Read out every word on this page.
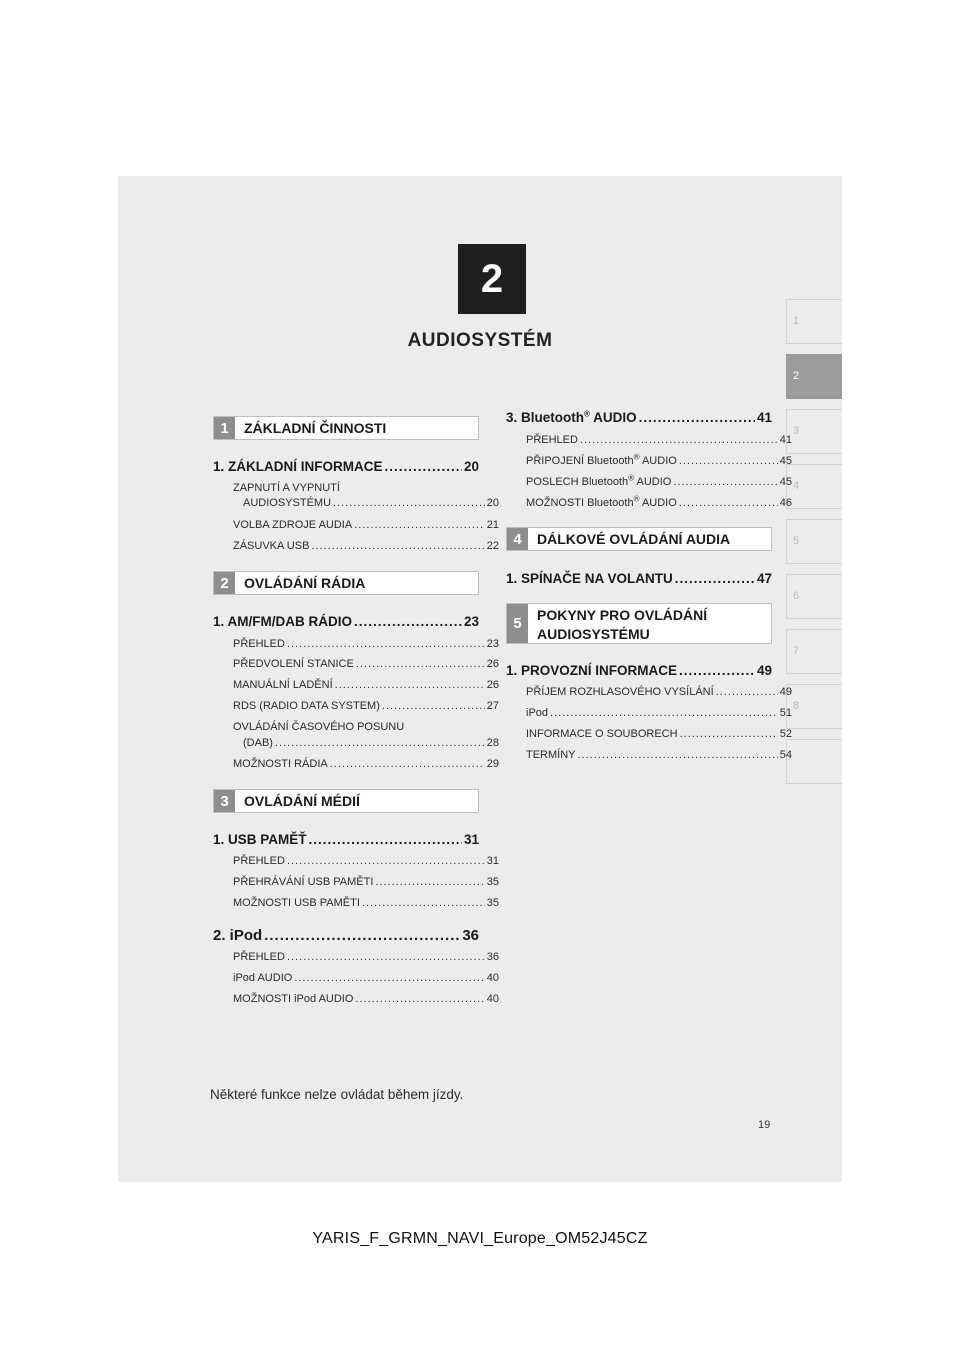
2
AUDIOSYSTÉM
1
2
3
4
5
6
7
8
1	ZÁKLADNÍ ČINNOSTI
1. ZÁKLADNÍ INFORMACE .....	20
ZAPNUTÍ A VYPNUTÍ
AUDIOSYSTÉMU .....	20
VOLBA ZDROJE AUDIA .....	21
ZÁSUVKA USB .....	22
2	OVLÁDÁNÍ RÁDIA
1. AM/FM/DAB RÁDIO .....	23
PŘEHLED .....	23
PŘEDVOLENÍ STANICE .....	26
MANUÁLNÍ LADĚNÍ .....	26
RDS (RADIO DATA SYSTEM) .....	27
OVLÁDÁNÍ ČASOVÉHO POSUNU
(DAB) .....	28
MOŽNOSTI RÁDIA .....	29
3	OVLÁDÁNÍ MÉDIÍ
1. USB PAMĚŤ .....	31
PŘEHLED .....	31
PŘEHRÁVÁNÍ USB PAMĚTI .....	35
MOŽNOSTI USB PAMĚTI .....	35
2. iPod .....	36
PŘEHLED .....	36
iPod AUDIO .....	40
MOŽNOSTI iPod AUDIO .....	40
3. Bluetooth® AUDIO .....	41
PŘEHLED .....	41
PŘIPOJENÍ Bluetooth® AUDIO .....	45
POSLECH Bluetooth® AUDIO .....	45
MOŽNOSTI Bluetooth® AUDIO .....	46
4	DÁLKOVÉ OVLÁDÁNÍ AUDIA
1. SPÍNAČE NA VOLANTU .....	47
5	POKYNY PRO OVLÁDÁNÍ
AUDIOSYSTÉMU
1. PROVOZNÍ INFORMACE .....	49
PŘÍJEM ROZHLASOVÉHO VYSÍLÁNÍ .....	49
iPod .....	51
INFORMACE O SOUBORECH .....	52
TERMÍNY .....	54
Některé funkce nelze ovládat během jízdy.
19
YARIS_F_GRMN_NAVI_Europe_OM52J45CZ
